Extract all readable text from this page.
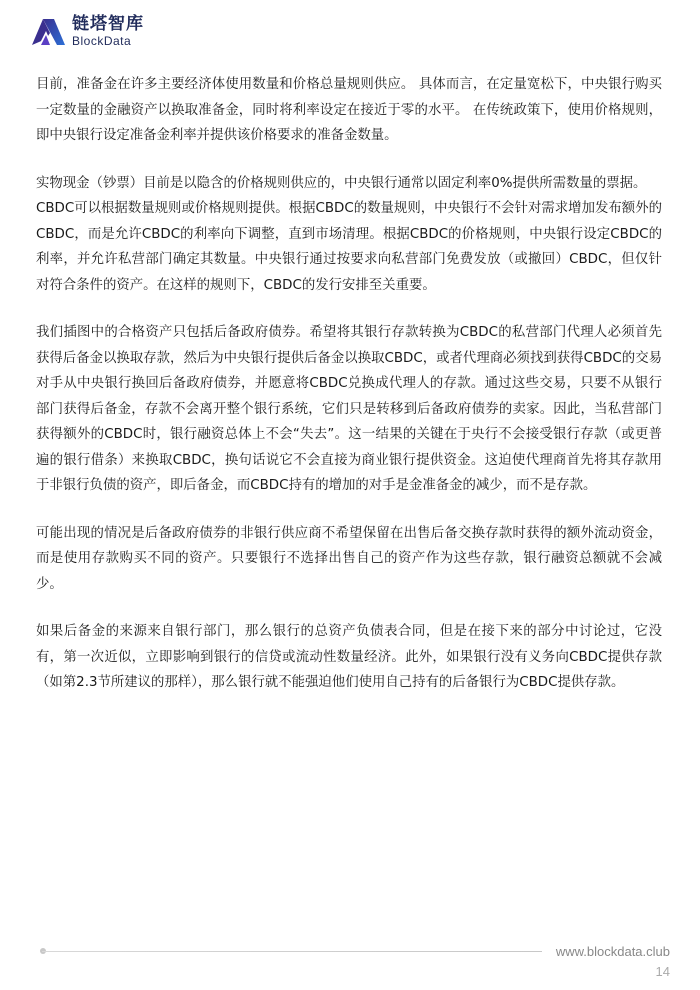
链塔智库
BlockData

目前，准备金在许多主要经济体使用数量和价格总量规则供应。 具体而言，在定量宽松下，中央银行购买一定数量的金融资产以换取准备金，同时将利率设定在接近于零的水平。 在传统政策下，使用价格规则，即中央银行设定准备金利率并提供该价格要求的准备金数量。

实物现金（钞票）目前是以隐含的价格规则供应的，中央银行通常以固定利率0%提供所需数量的票据。

CBDC可以根据数量规则或价格规则提供。根据CBDC的数量规则，中央银行不会针对需求增加发布额外的CBDC，而是允许CBDC的利率向下调整，直到市场清理。根据CBDC的价格规则，中央银行设定CBDC的利率，并允许私营部门确定其数量。中央银行通过按要求向私营部门免费发放（或撤回）CBDC，但仅针对符合条件的资产。在这样的规则下，CBDC的发行安排至关重要。

我们插图中的合格资产只包括后备政府债券。希望将其银行存款转换为CBDC的私营部门代理人必须首先获得后备金以换取存款，然后为中央银行提供后备金以换取CBDC，或者代理商必须找到获得CBDC的交易对手从中央银行换回后备政府债券，并愿意将CBDC兑换成代理人的存款。通过这些交易，只要不从银行部门获得后备金，存款不会离开整个银行系统，它们只是转移到后备政府债券的卖家。因此，当私营部门获得额外的CBDC时，银行融资总体上不会“失去”。这一结果的关键在于央行不会接受银行存款（或更普遍的银行借条）来换取CBDC，换句话说它不会直接为商业银行提供资金。这迫使代理商首先将其存款用于非银行负债的资产，即后备金，而CBDC持有的增加的对手是金准备金的减少，而不是存款。

可能出现的情况是后备政府债券的非银行供应商不希望保留在出售后备交换存款时获得的额外流动资金，而是使用存款购买不同的资产。只要银行不选择出售自己的资产作为这些存款，银行融资总额就不会减少。

如果后备金的来源来自银行部门，那么银行的总资产负债表合同，但是在接下来的部分中讨论过，它没有，第一次近似，立即影响到银行的信贷或流动性数量经济。此外，如果银行没有义务向CBDC提供存款（如第2.3节所建议的那样），那么银行就不能强迫他们使用自己持有的后备银行为CBDC提供存款。

www.blockdata.club
14
